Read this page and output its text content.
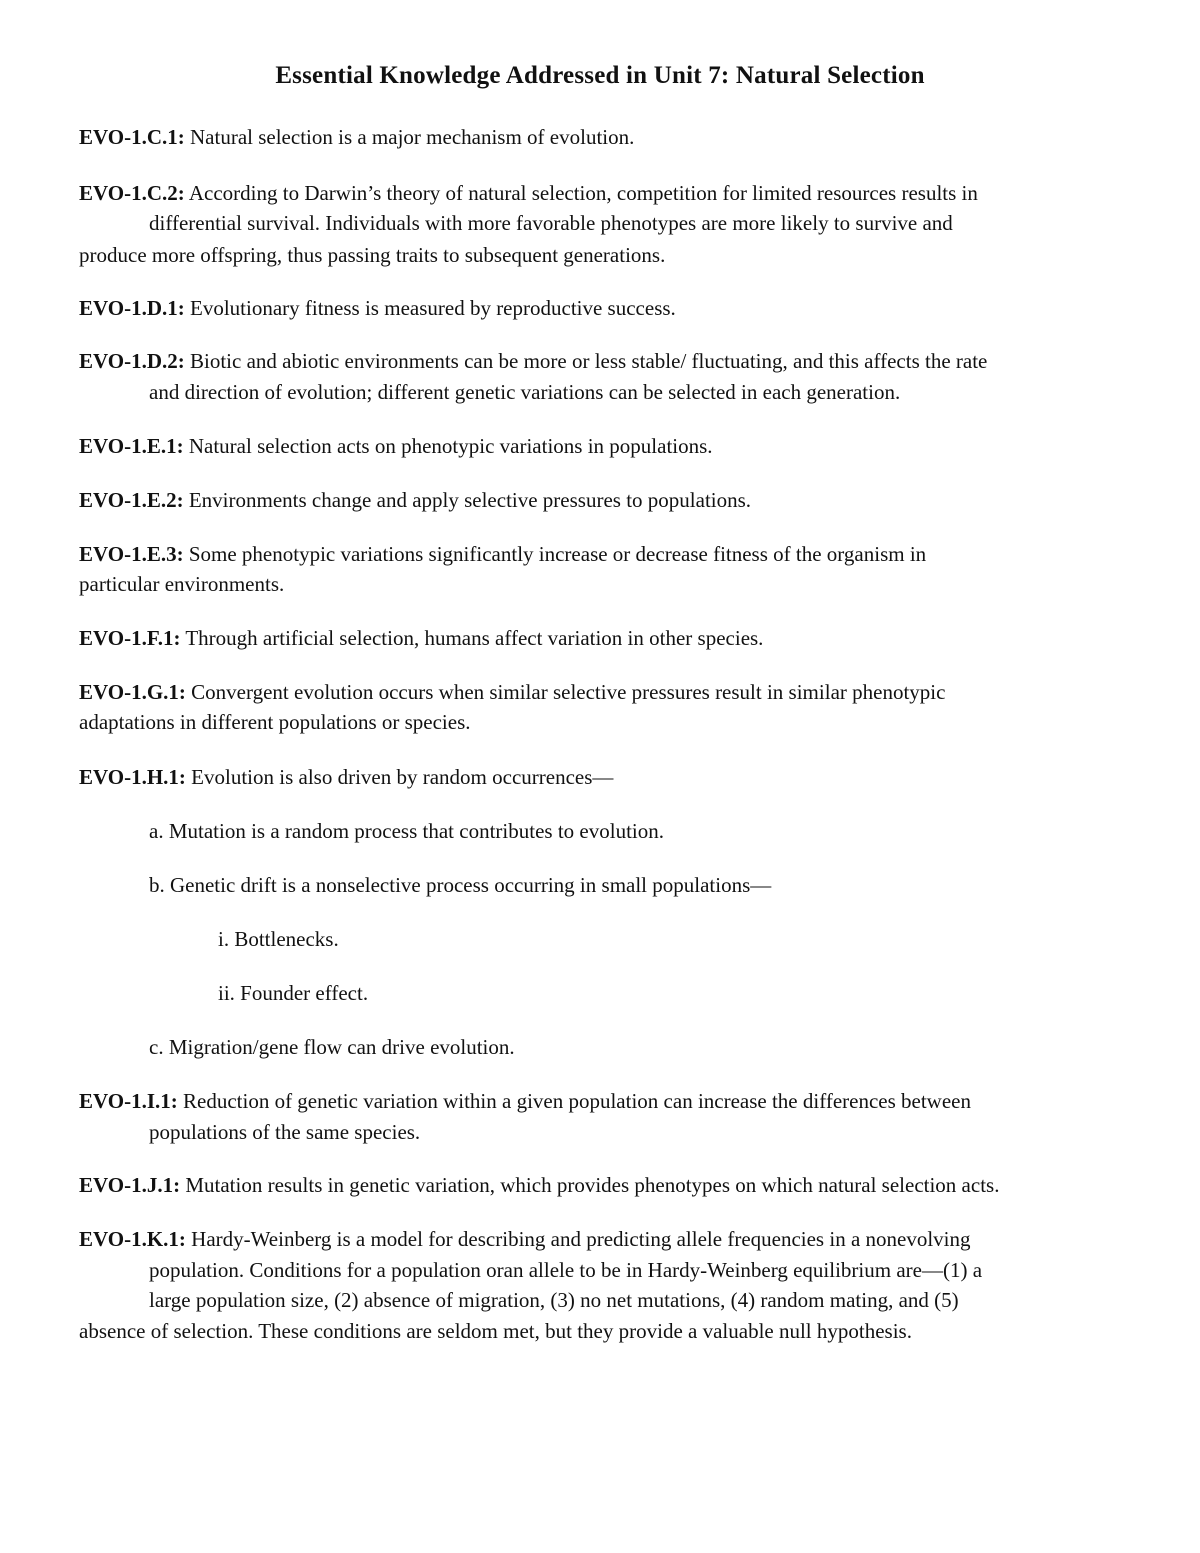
Essential Knowledge Addressed in Unit 7: Natural Selection
EVO-1.C.1: Natural selection is a major mechanism of evolution.
EVO-1.C.2: According to Darwin’s theory of natural selection, competition for limited resources results in
differential survival. Individuals with more favorable phenotypes are more likely to survive and
produce more offspring, thus passing traits to subsequent generations.
EVO-1.D.1: Evolutionary fitness is measured by reproductive success.
EVO-1.D.2: Biotic and abiotic environments can be more or less stable/ fluctuating, and this affects the rate
and direction of evolution; different genetic variations can be selected in each generation.
EVO-1.E.1: Natural selection acts on phenotypic variations in populations.
EVO-1.E.2: Environments change and apply selective pressures to populations.
EVO-1.E.3: Some phenotypic variations significantly increase or decrease fitness of the organism in
particular environments.
EVO-1.F.1: Through artificial selection, humans affect variation in other species.
EVO-1.G.1: Convergent evolution occurs when similar selective pressures result in similar phenotypic
adaptations in different populations or species.
EVO-1.H.1: Evolution is also driven by random occurrences—
a. Mutation is a random process that contributes to evolution.
b. Genetic drift is a nonselective process occurring in small populations—
i. Bottlenecks.
ii. Founder effect.
c. Migration/gene flow can drive evolution.
EVO-1.I.1: Reduction of genetic variation within a given population can increase the differences between
populations of the same species.
EVO-1.J.1: Mutation results in genetic variation, which provides phenotypes on which natural selection acts.
EVO-1.K.1: Hardy-Weinberg is a model for describing and predicting allele frequencies in a nonevolving
population. Conditions for a population oran allele to be in Hardy-Weinberg equilibrium are—(1) a
large population size, (2) absence of migration, (3) no net mutations, (4) random mating, and (5)
absence of selection. These conditions are seldom met, but they provide a valuable null hypothesis.
